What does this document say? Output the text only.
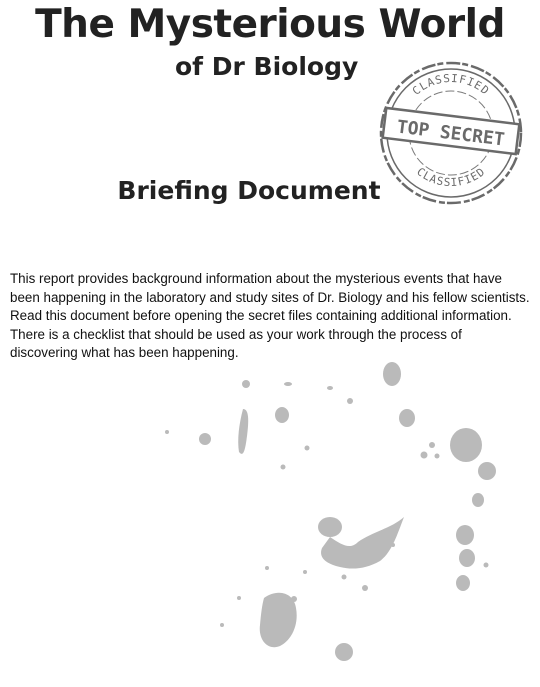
The Mysterious World
of Dr Biology
CLASSIFIED
CLASSIFIED
TOP SECRET
Briefing Document

This report provides background information about the mysterious events that have been happening in the laboratory and study sites of Dr. Biology and his fellow scientists. Read this document before opening the secret files containing additional information. There is a checklist that should be used as your work through the process of discovering what has been happening.
